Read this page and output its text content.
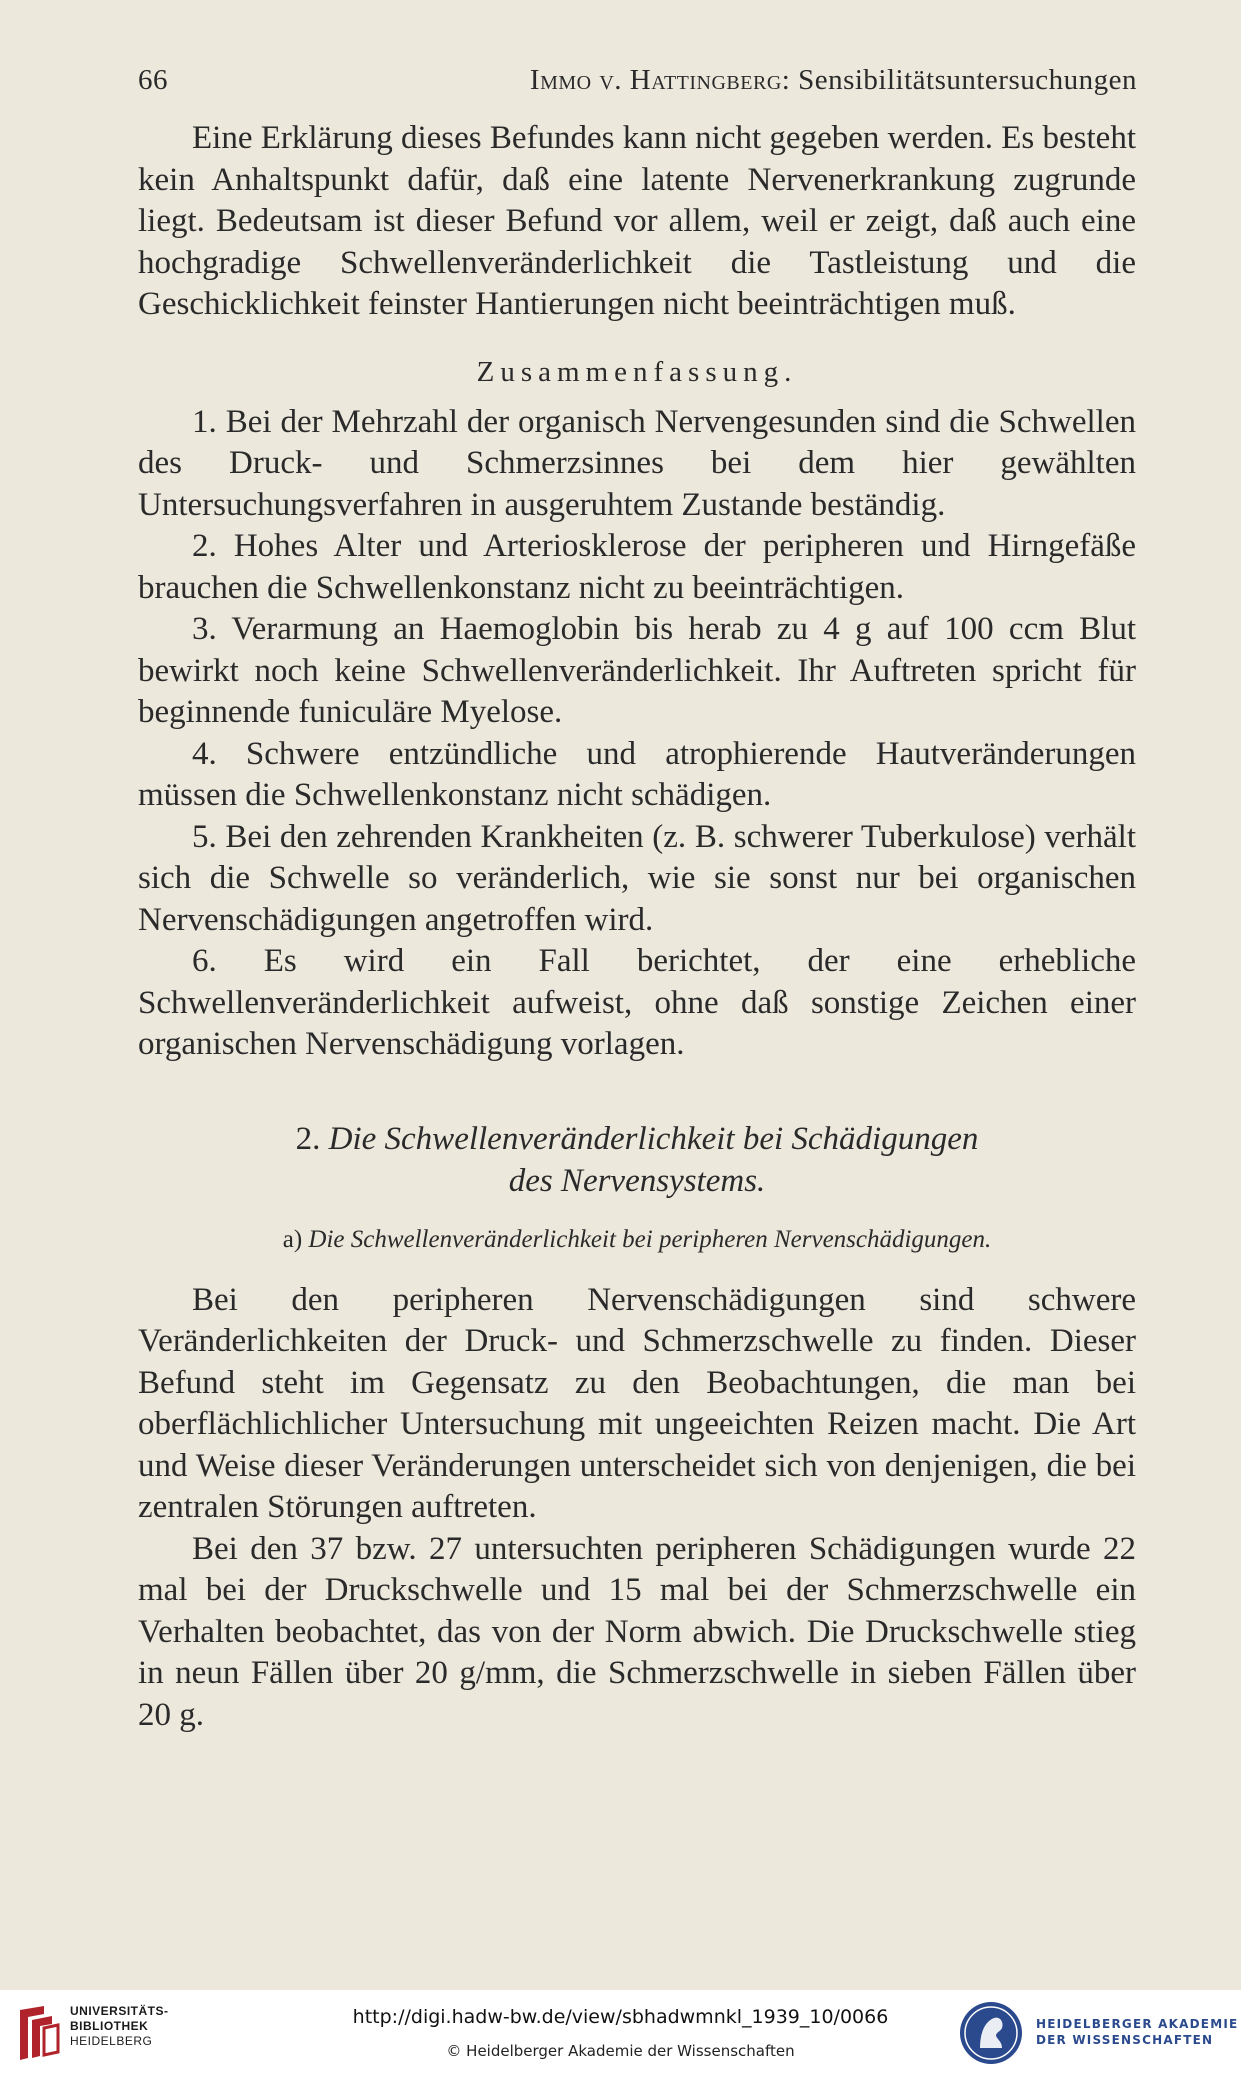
66	Immo v. Hattingberg: Sensibilitätsuntersuchungen

Eine Erklärung dieses Befundes kann nicht gegeben werden. Es besteht kein Anhaltspunkt dafür, daß eine latente Nervenerkrankung zugrunde liegt. Bedeutsam ist dieser Befund vor allem, weil er zeigt, daß auch eine hochgradige Schwellenveränderlichkeit die Tastleistung und die Geschicklichkeit feinster Hantierungen nicht beeinträchtigen muß.

Zusammenfassung.

1. Bei der Mehrzahl der organisch Nervengesunden sind die Schwellen des Druck- und Schmerzsinnes bei dem hier gewählten Untersuchungsverfahren in ausgeruhtem Zustande beständig.

2. Hohes Alter und Arteriosklerose der peripheren und Hirngefäße brauchen die Schwellenkonstanz nicht zu beeinträchtigen.

3. Verarmung an Haemoglobin bis herab zu 4 g auf 100 ccm Blut bewirkt noch keine Schwellenveränderlichkeit. Ihr Auftreten spricht für beginnende funiculäre Myelose.

4. Schwere entzündliche und atrophierende Hautveränderungen müssen die Schwellenkonstanz nicht schädigen.

5. Bei den zehrenden Krankheiten (z. B. schwerer Tuberkulose) verhält sich die Schwelle so veränderlich, wie sie sonst nur bei organischen Nervenschädigungen angetroffen wird.

6. Es wird ein Fall berichtet, der eine erhebliche Schwellenveränderlichkeit aufweist, ohne daß sonstige Zeichen einer organischen Nervenschädigung vorlagen.

2. Die Schwellenveränderlichkeit bei Schädigungen
des Nervensystems.
a) Die Schwellenveränderlichkeit bei peripheren Nervenschädigungen.

Bei den peripheren Nervenschädigungen sind schwere Veränderlichkeiten der Druck- und Schmerzschwelle zu finden. Dieser Befund steht im Gegensatz zu den Beobachtungen, die man bei oberflächlichlicher Untersuchung mit ungeeichten Reizen macht. Die Art und Weise dieser Veränderungen unterscheidet sich von denjenigen, die bei zentralen Störungen auftreten.

Bei den 37 bzw. 27 untersuchten peripheren Schädigungen wurde 22 mal bei der Druckschwelle und 15 mal bei der Schmerzschwelle ein Verhalten beobachtet, das von der Norm abwich. Die Druckschwelle stieg in neun Fällen über 20 g/mm, die Schmerzschwelle in sieben Fällen über 20 g.

UNIVERSITÄTS-
BIBLIOTHEK
HEIDELBERG
http://digi.hadw-bw.de/view/sbhadwmnkl_1939_10/0066
© Heidelberger Akademie der Wissenschaften
HEIDELBERGER AKADEMIE
DER WISSENSCHAFTEN
